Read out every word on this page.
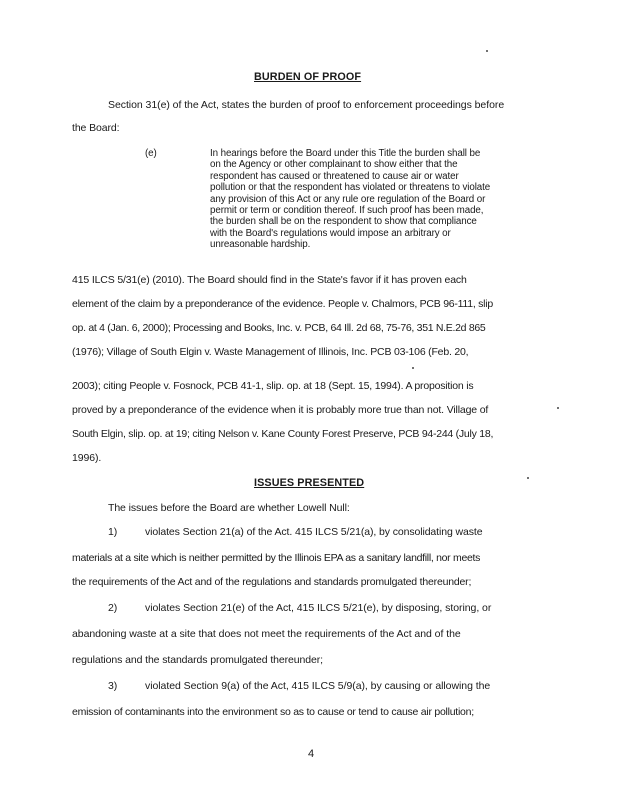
BURDEN OF PROOF
Section 31(e) of the Act, states the burden of proof to enforcement proceedings before
the Board:
(e)	In hearings before the Board under this Title the burden shall be
on the Agency or other complainant to show either that the
respondent has caused or threatened to cause air or water
pollution or that the respondent has violated or threatens to violate
any provision of this Act or any rule ore regulation of the Board or
permit or term or condition thereof. If such proof has been made,
the burden shall be on the respondent to show that compliance
with the Board's regulations would impose an arbitrary or
unreasonable hardship.
415 ILCS 5/31(e) (2010). The Board should find in the State's favor if it has proven each
element of the claim by a preponderance of the evidence. People v. Chalmors, PCB 96-111, slip
op. at 4 (Jan. 6, 2000); Processing and Books, Inc. v. PCB, 64 Ill. 2d 68, 75-76, 351 N.E.2d 865
(1976); Village of South Elgin v. Waste Management of Illinois, Inc. PCB 03-106 (Feb. 20,
2003); citing People v. Fosnock, PCB 41-1, slip. op. at 18 (Sept. 15, 1994). A proposition is
proved by a preponderance of the evidence when it is probably more true than not. Village of
South Elgin, slip. op. at 19; citing Nelson v. Kane County Forest Preserve, PCB 94-244 (July 18,
1996).
ISSUES PRESENTED
The issues before the Board are whether Lowell Null:
1)	violates Section 21(a) of the Act. 415 ILCS 5/21(a), by consolidating waste
materials at a site which is neither permitted by the Illinois EPA as a sanitary landfill, nor meets
the requirements of the Act and of the regulations and standards promulgated thereunder;
2)	violates Section 21(e) of the Act, 415 ILCS 5/21(e), by disposing, storing, or
abandoning waste at a site that does not meet the requirements of the Act and of the
regulations and the standards promulgated thereunder;
3)	violated Section 9(a) of the Act, 415 ILCS 5/9(a), by causing or allowing the
emission of contaminants into the environment so as to cause or tend to cause air pollution;
4
